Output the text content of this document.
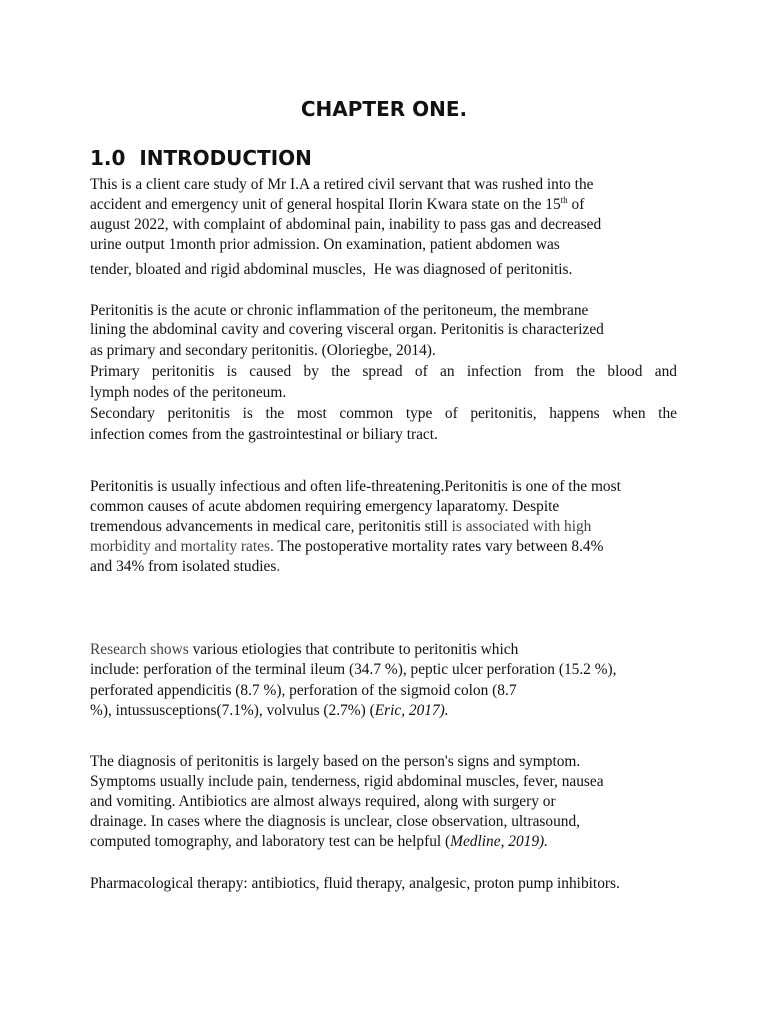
CHAPTER ONE.
1.0  INTRODUCTION
This is a client care study of Mr I.A a retired civil servant that was rushed into the
accident and emergency unit of general hospital Ilorin Kwara state on the 15th of
august 2022, with complaint of abdominal pain, inability to pass gas and decreased
urine output 1month prior admission. On examination, patient abdomen was
tender, bloated and rigid abdominal muscles,  He was diagnosed of peritonitis.
Peritonitis is the acute or chronic inflammation of the peritoneum, the membrane
lining the abdominal cavity and covering visceral organ. Peritonitis is characterized
as primary and secondary peritonitis. (Oloriegbe, 2014).
Primary peritonitis is caused by the spread of an infection from the blood and
lymph nodes of the peritoneum.
Secondary peritonitis is the most common type of peritonitis, happens when the
infection comes from the gastrointestinal or biliary tract.
Peritonitis is usually infectious and often life-threatening.Peritonitis is one of the most
common causes of acute abdomen requiring emergency laparatomy. Despite
tremendous advancements in medical care, peritonitis still is associated with high
morbidity and mortality rates. The postoperative mortality rates vary between 8.4%
and 34% from isolated studies.
Research shows various etiologies that contribute to peritonitis which
include: perforation of the terminal ileum (34.7 %), peptic ulcer perforation (15.2 %),
perforated appendicitis (8.7 %), perforation of the sigmoid colon (8.7
%), intussusceptions(7.1%), volvulus (2.7%) (Eric, 2017).
The diagnosis of peritonitis is largely based on the person's signs and symptom.
Symptoms usually include pain, tenderness, rigid abdominal muscles, fever, nausea
and vomiting. Antibiotics are almost always required, along with surgery or
drainage. In cases where the diagnosis is unclear, close observation, ultrasound,
computed tomography, and laboratory test can be helpful (Medline, 2019).
Pharmacological therapy: antibiotics, fluid therapy, analgesic, proton pump inhibitors.
